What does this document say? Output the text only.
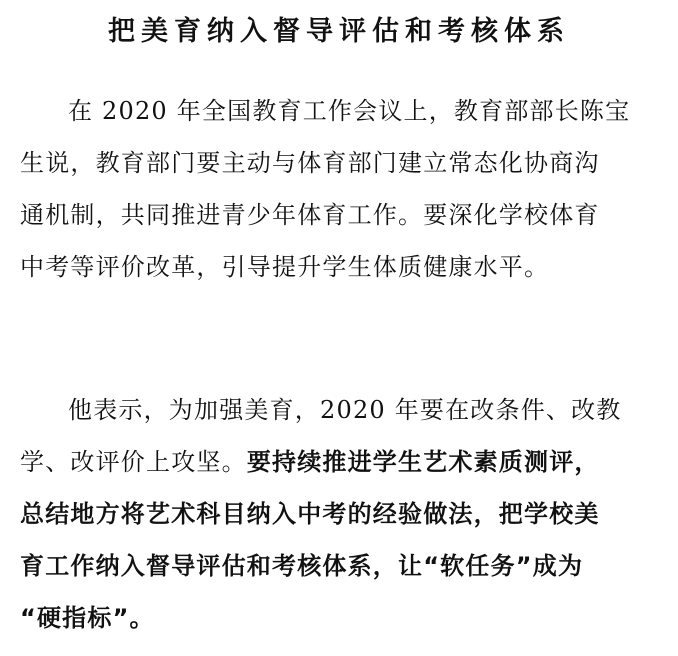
把美育纳入督导评估和考核体系
在 2020 年全国教育工作会议上，教育部部长陈宝
生说，教育部门要主动与体育部门建立常态化协商沟
通机制，共同推进青少年体育工作。要深化学校体育
中考等评价改革，引导提升学生体质健康水平。
他表示，为加强美育，2020 年要在改条件、改教
学、改评价上攻坚。要持续推进学生艺术素质测评，
总结地方将艺术科目纳入中考的经验做法，把学校美
育工作纳入督导评估和考核体系，让“软任务”成为
“硬指标”。
